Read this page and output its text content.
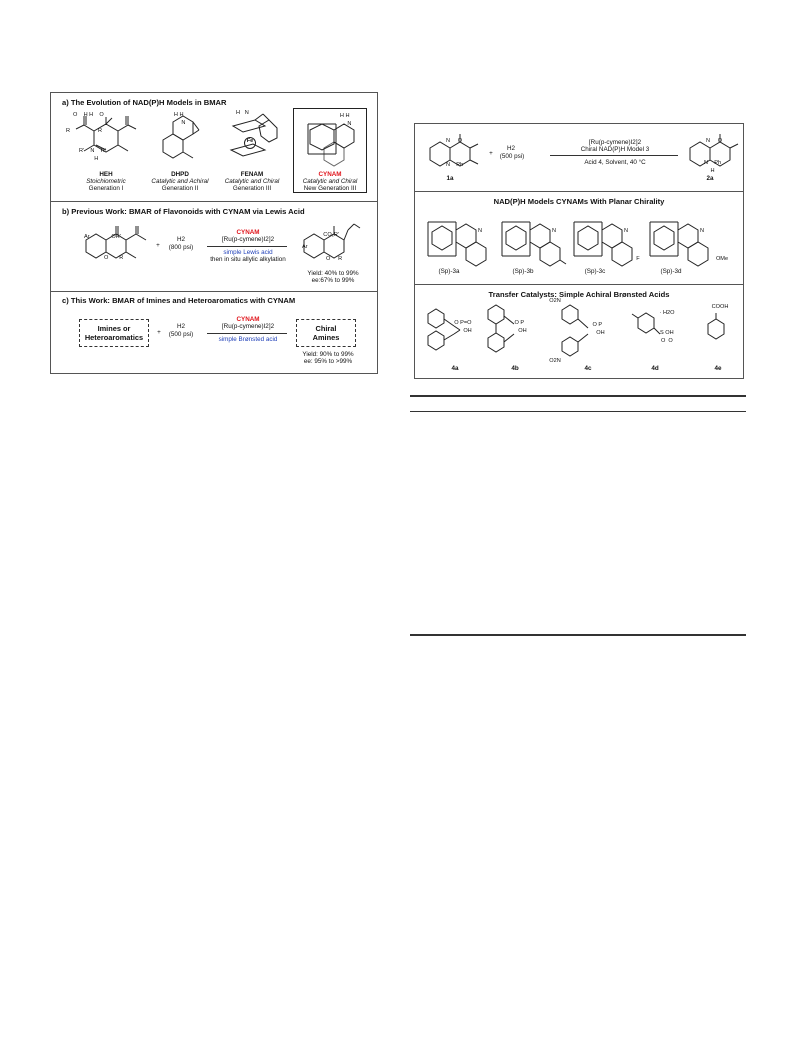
a) The Evolution of NAD(P)H Models in BMAR
O    H H    O
R                  R
R'    N    R'
H
HEH
Stoichiometric
Generation I
H H
N
DHPD
Catalytic and Achiral
Generation II
H   N
Fe
FENAM
Catalytic and Chiral
Generation III
H H
N
CYNAM
Catalytic and Chiral
New Generation III
b) Previous Work: BMAR of Flavonoids with CYNAM via Lewis Acid
Ar              OR'
O       R
+
H2
(800 psi)
CYNAM
[Ru(p-cymene)I2]2
simple Lewis acid
then in situ allylic alkylation
CO₂R'
Ar
O     R
Yield: 40% to 99%
ee:67% to 99%
c) This Work: BMAR of Imines and Heteroaromatics with CYNAM
Imines or
Heteroaromatics
+
H2
(500 psi)
CYNAM
[Ru(p-cymene)I2]2
simple Brønsted acid
Chiral
Amines
Yield: 90% to 99%
ee: 95% to >99%
N     O
N    Ph
1a
+
H2
(500 psi)
[Ru(p-cymene)I2]2
Chiral NAD(P)H Model 3
Acid 4, Solvent, 40 °C
N     O
N    Ph
H
2a
NAD(P)H Models CYNAMs With Planar Chirality
N	N	N
F
N
OMe
(Sp)-3a	(Sp)-3b	(Sp)-3c	(Sp)-3d
Transfer Catalysts: Simple Achiral Brønsted Acids
O P=O
OH
O P
OH
O2N
O P
OH
O2N
· H2O
S OH
O  O
COOH
4a	4b	4c	4d	4e
